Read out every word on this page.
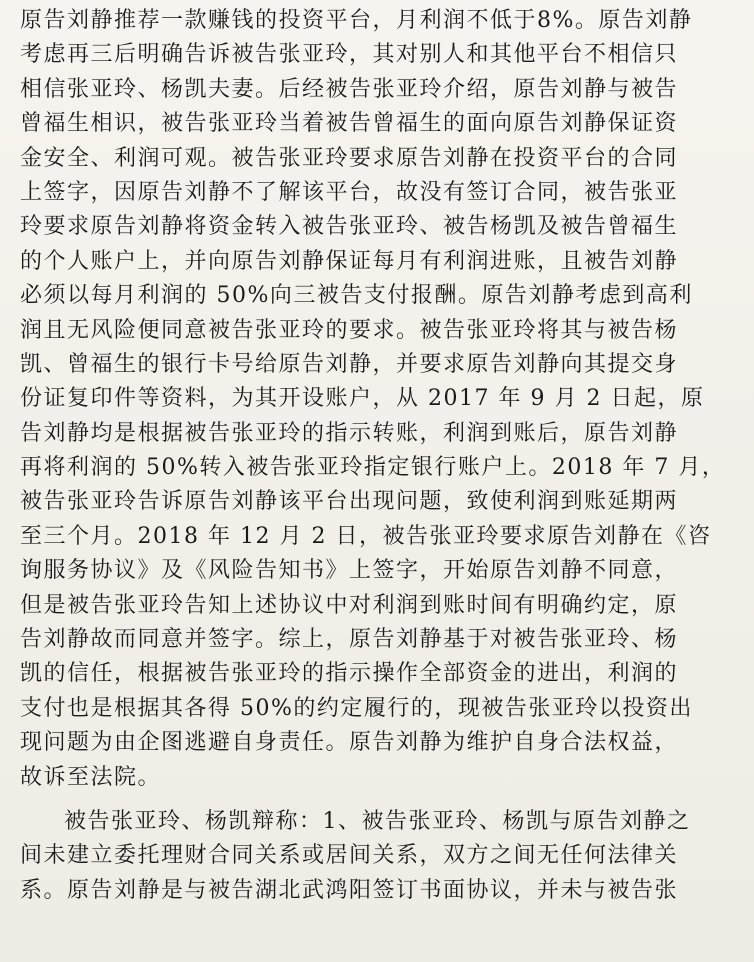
原告刘静推荐一款赚钱的投资平台，月利润不低于8%。原告刘静
考虑再三后明确告诉被告张亚玲，其对别人和其他平台不相信只
相信张亚玲、杨凯夫妻。后经被告张亚玲介绍，原告刘静与被告
曾福生相识，被告张亚玲当着被告曾福生的面向原告刘静保证资
金安全、利润可观。被告张亚玲要求原告刘静在投资平台的合同
上签字，因原告刘静不了解该平台，故没有签订合同，被告张亚
玲要求原告刘静将资金转入被告张亚玲、被告杨凯及被告曾福生
的个人账户上，并向原告刘静保证每月有利润进账，且被告刘静
必须以每月利润的 50%向三被告支付报酬。原告刘静考虑到高利
润且无风险便同意被告张亚玲的要求。被告张亚玲将其与被告杨
凯、曾福生的银行卡号给原告刘静，并要求原告刘静向其提交身
份证复印件等资料，为其开设账户，从 2017 年 9 月 2 日起，原
告刘静均是根据被告张亚玲的指示转账，利润到账后，原告刘静
再将利润的 50%转入被告张亚玲指定银行账户上。2018 年 7 月，
被告张亚玲告诉原告刘静该平台出现问题，致使利润到账延期两
至三个月。2018 年 12 月 2 日，被告张亚玲要求原告刘静在《咨
询服务协议》及《风险告知书》上签字，开始原告刘静不同意，
但是被告张亚玲告知上述协议中对利润到账时间有明确约定，原
告刘静故而同意并签字。综上，原告刘静基于对被告张亚玲、杨
凯的信任，根据被告张亚玲的指示操作全部资金的进出，利润的
支付也是根据其各得 50%的约定履行的，现被告张亚玲以投资出
现问题为由企图逃避自身责任。原告刘静为维护自身合法权益，
故诉至法院。
被告张亚玲、杨凯辩称：1、被告张亚玲、杨凯与原告刘静之
间未建立委托理财合同关系或居间关系，双方之间无任何法律关
系。原告刘静是与被告湖北武鸿阳签订书面协议，并未与被告张
